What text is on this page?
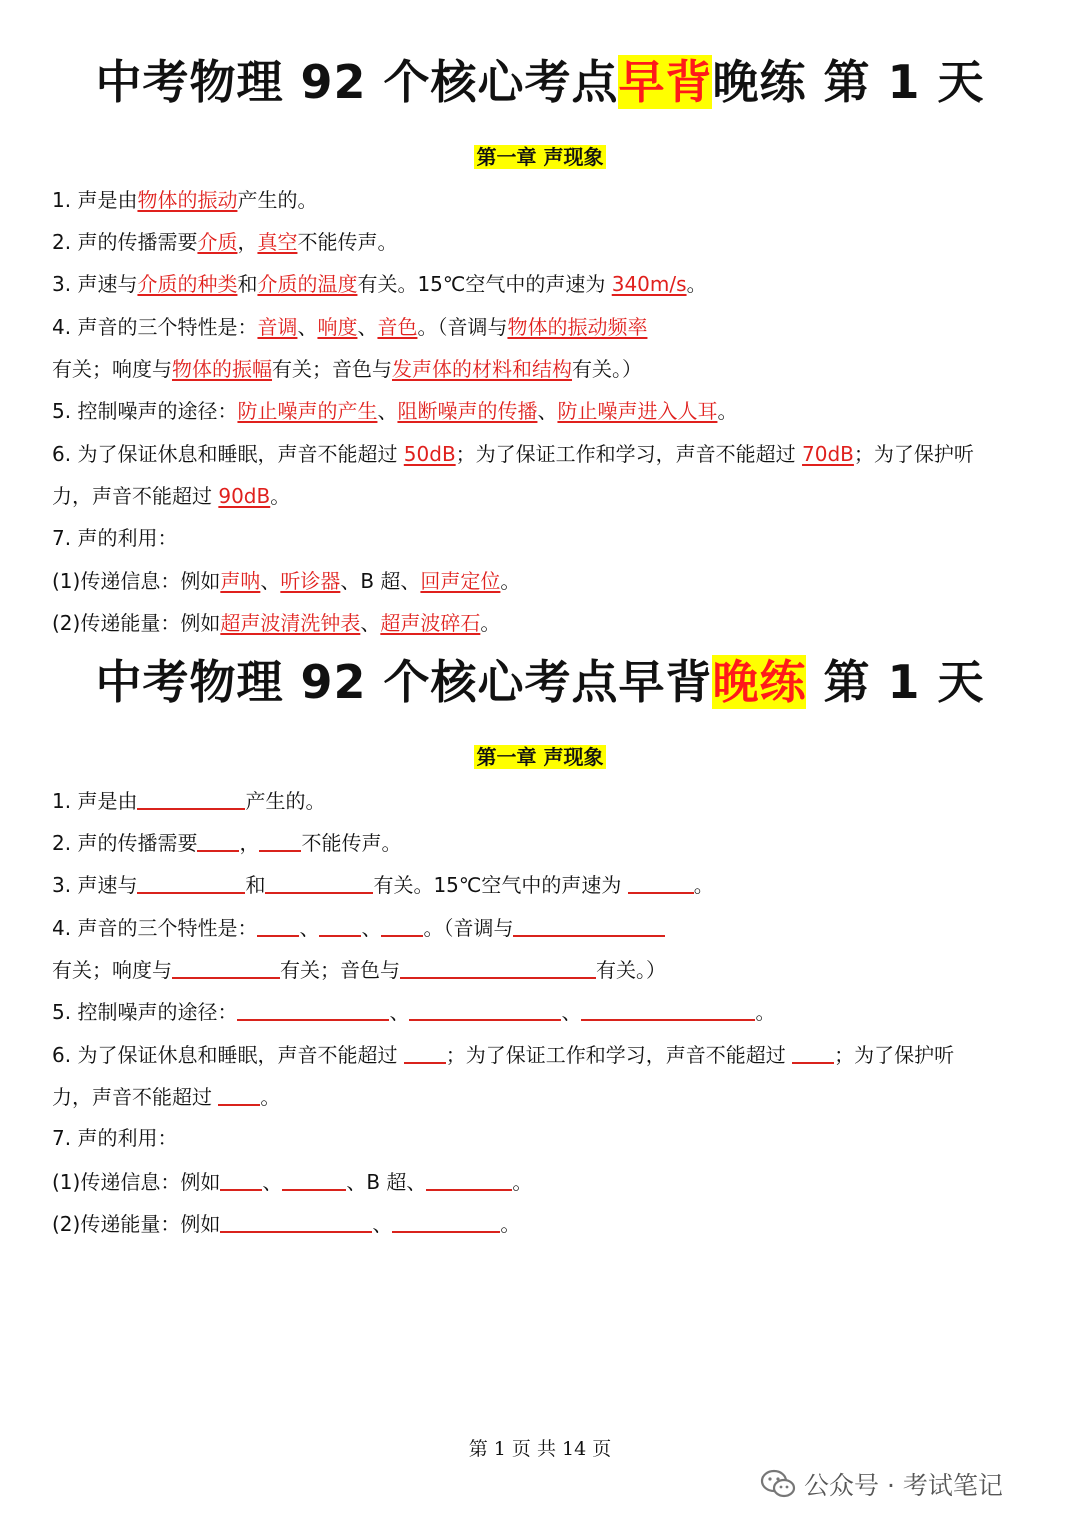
中考物理 92 个核心考点早背晚练 第 1 天
第一章 声现象
1. 声是由物体的振动产生的。
2. 声的传播需要介质，真空不能传声。
3. 声速与介质的种类和介质的温度有关。15℃空气中的声速为 340m/s。
4. 声音的三个特性是：音调、响度、音色。（音调与物体的振动频率
有关；响度与物体的振幅有关；音色与发声体的材料和结构有关。）
5. 控制噪声的途径：防止噪声的产生、阻断噪声的传播、防止噪声进入人耳。
6. 为了保证休息和睡眠，声音不能超过 50dB；为了保证工作和学习，声音不能超过 70dB；为了保护听
力，声音不能超过 90dB。
7. 声的利用：
(1)传递信息：例如声呐、听诊器、B 超、回声定位。
(2)传递能量：例如超声波清洗钟表、超声波碎石。
中考物理 92 个核心考点早背晚练 第 1 天
第一章 声现象
1. 声是由	产生的。
2. 声的传播需要 ， 不能传声。
3. 声速与	和	有关。15℃空气中的声速为	。
4. 声音的三个特性是： 、 、 。（音调与
有关；响度与	有关；音色与	有关。）
5. 控制噪声的途径：	、	、	。
6. 为了保证休息和睡眠，声音不能超过 ；为了保证工作和学习，声音不能超过 ；为了保护听
力，声音不能超过 。
7. 声的利用：
(1)传递信息：例如 、	、B 超、	。
(2)传递能量：例如	、	。
第 1 页 共 14 页
公众号 · 考试笔记
